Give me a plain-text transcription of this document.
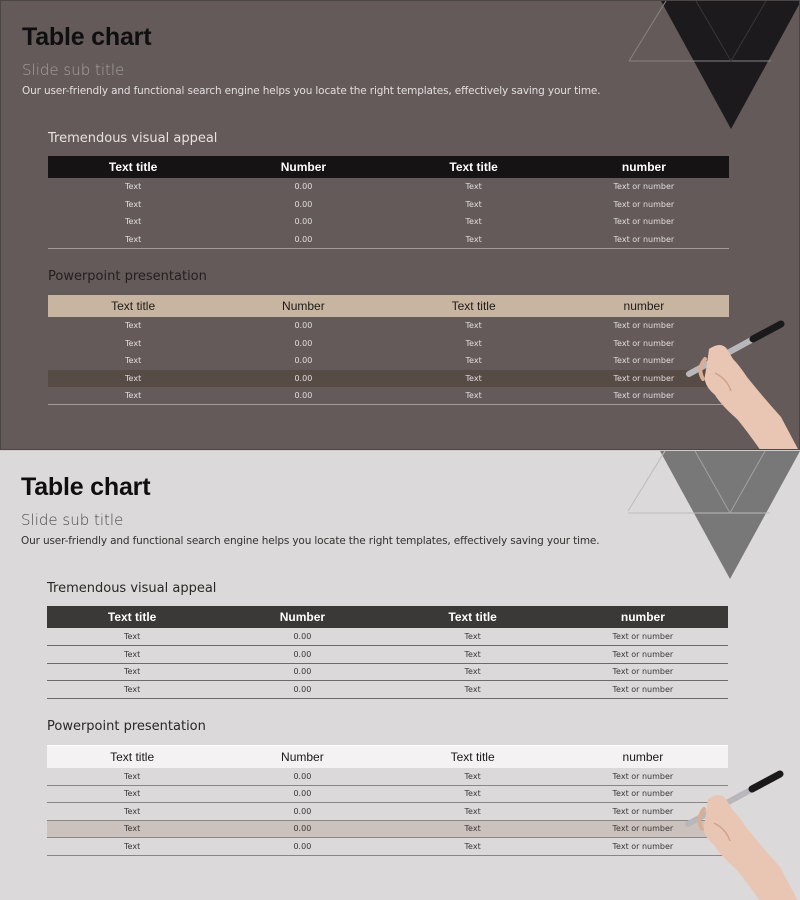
Table chart
Slide sub title
Our user-friendly and functional search engine helps you locate the right templates, effectively saving your time.
Tremendous visual appeal
Text title	Number	Text title	number
Text	0.00	Text	Text or number
Text	0.00	Text	Text or number
Text	0.00	Text	Text or number
Text	0.00	Text	Text or number
Powerpoint presentation
Text title	Number	Text title	number
Text	0.00	Text	Text or number
Text	0.00	Text	Text or number
Text	0.00	Text	Text or number
Text	0.00	Text	Text or number
Text	0.00	Text	Text or number
Table chart
Slide sub title
Our user-friendly and functional search engine helps you locate the right templates, effectively saving your time.
Tremendous visual appeal
Text title	Number	Text title	number
Text	0.00	Text	Text or number
Text	0.00	Text	Text or number
Text	0.00	Text	Text or number
Text	0.00	Text	Text or number
Powerpoint presentation
Text title	Number	Text title	number
Text	0.00	Text	Text or number
Text	0.00	Text	Text or number
Text	0.00	Text	Text or number
Text	0.00	Text	Text or number
Text	0.00	Text	Text or number
